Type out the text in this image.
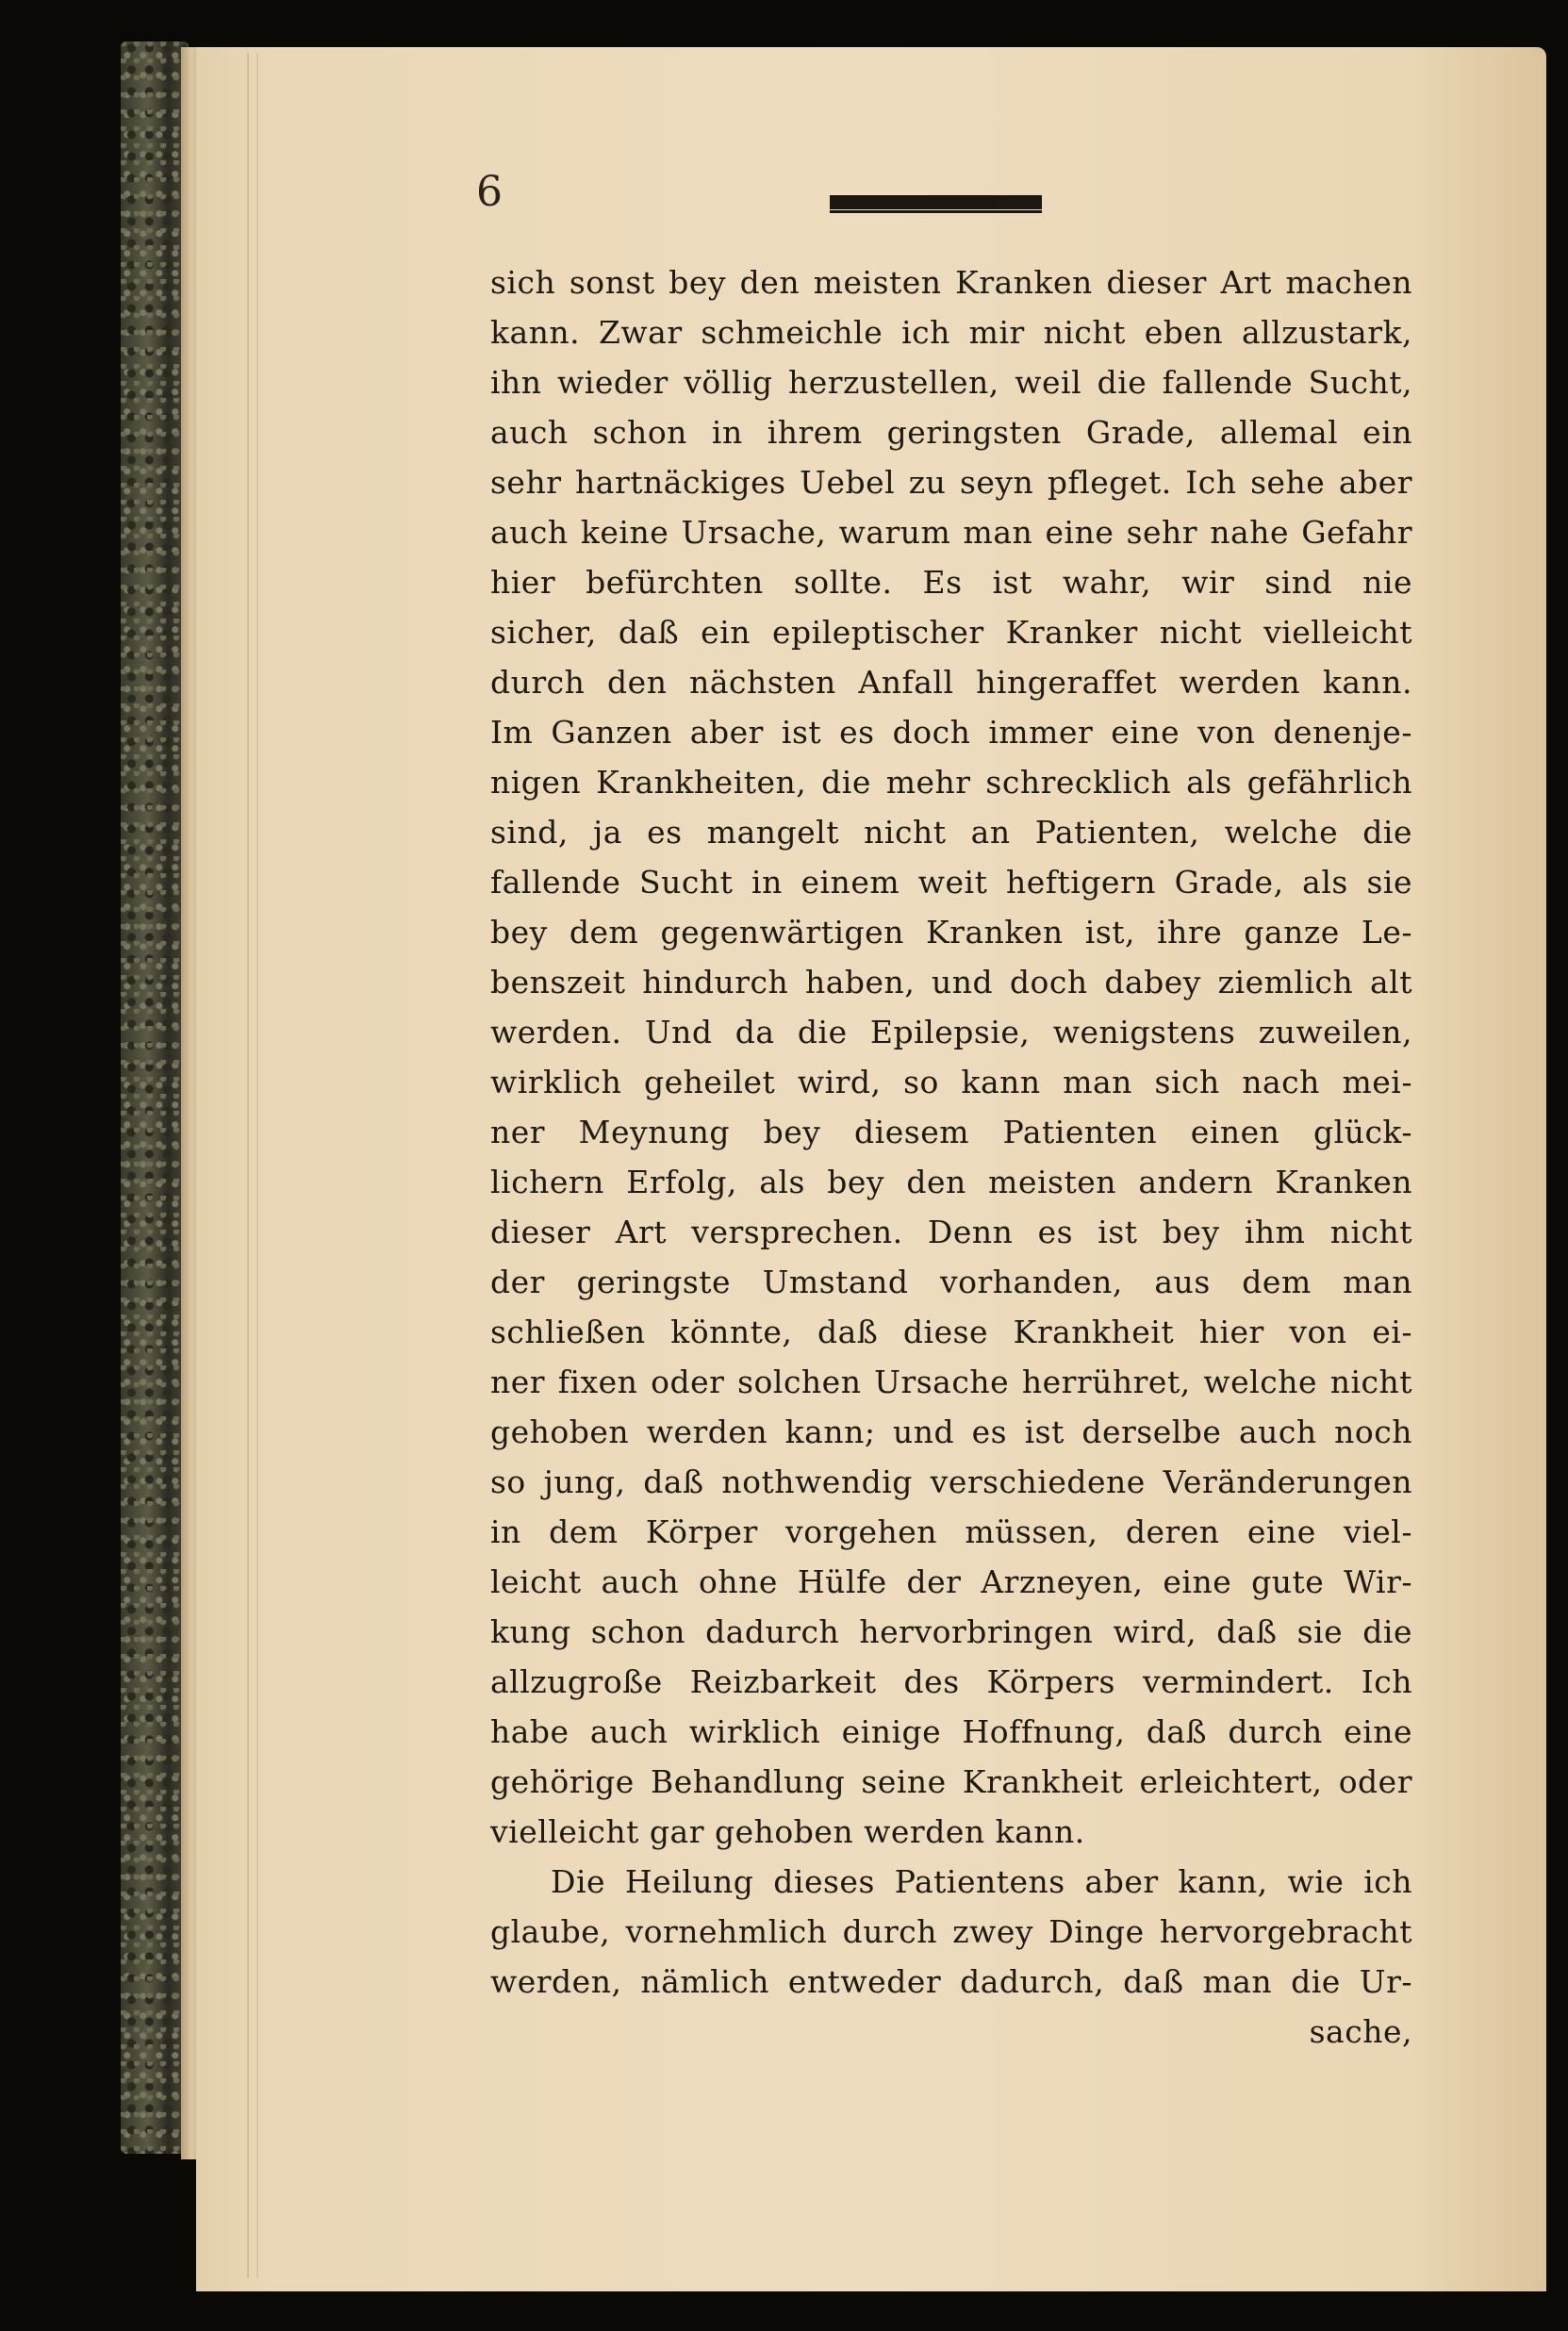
6
sich sonst bey den meisten Kranken dieser Art machen
kann. Zwar schmeichle ich mir nicht eben allzustark,
ihn wieder völlig herzustellen, weil die fallende Sucht,
auch schon in ihrem geringsten Grade, allemal ein
sehr hartnäckiges Uebel zu seyn pfleget. Ich sehe aber
auch keine Ursache, warum man eine sehr nahe Gefahr
hier befürchten sollte. Es ist wahr, wir sind nie
sicher, daß ein epileptischer Kranker nicht vielleicht
durch den nächsten Anfall hingeraffet werden kann.
Im Ganzen aber ist es doch immer eine von denenje-
nigen Krankheiten, die mehr schrecklich als gefährlich
sind, ja es mangelt nicht an Patienten, welche die
fallende Sucht in einem weit heftigern Grade, als sie
bey dem gegenwärtigen Kranken ist, ihre ganze Le-
benszeit hindurch haben, und doch dabey ziemlich alt
werden. Und da die Epilepsie, wenigstens zuweilen,
wirklich geheilet wird, so kann man sich nach mei-
ner Meynung bey diesem Patienten einen glück-
lichern Erfolg, als bey den meisten andern Kranken
dieser Art versprechen. Denn es ist bey ihm nicht
der geringste Umstand vorhanden, aus dem man
schließen könnte, daß diese Krankheit hier von ei-
ner fixen oder solchen Ursache herrühret, welche nicht
gehoben werden kann; und es ist derselbe auch noch
so jung, daß nothwendig verschiedene Veränderungen
in dem Körper vorgehen müssen, deren eine viel-
leicht auch ohne Hülfe der Arzneyen, eine gute Wir-
kung schon dadurch hervorbringen wird, daß sie die
allzugroße Reizbarkeit des Körpers vermindert. Ich
habe auch wirklich einige Hoffnung, daß durch eine
gehörige Behandlung seine Krankheit erleichtert, oder
vielleicht gar gehoben werden kann.
Die Heilung dieses Patientens aber kann, wie ich
glaube, vornehmlich durch zwey Dinge hervorgebracht
werden, nämlich entweder dadurch, daß man die Ur-
sache,
